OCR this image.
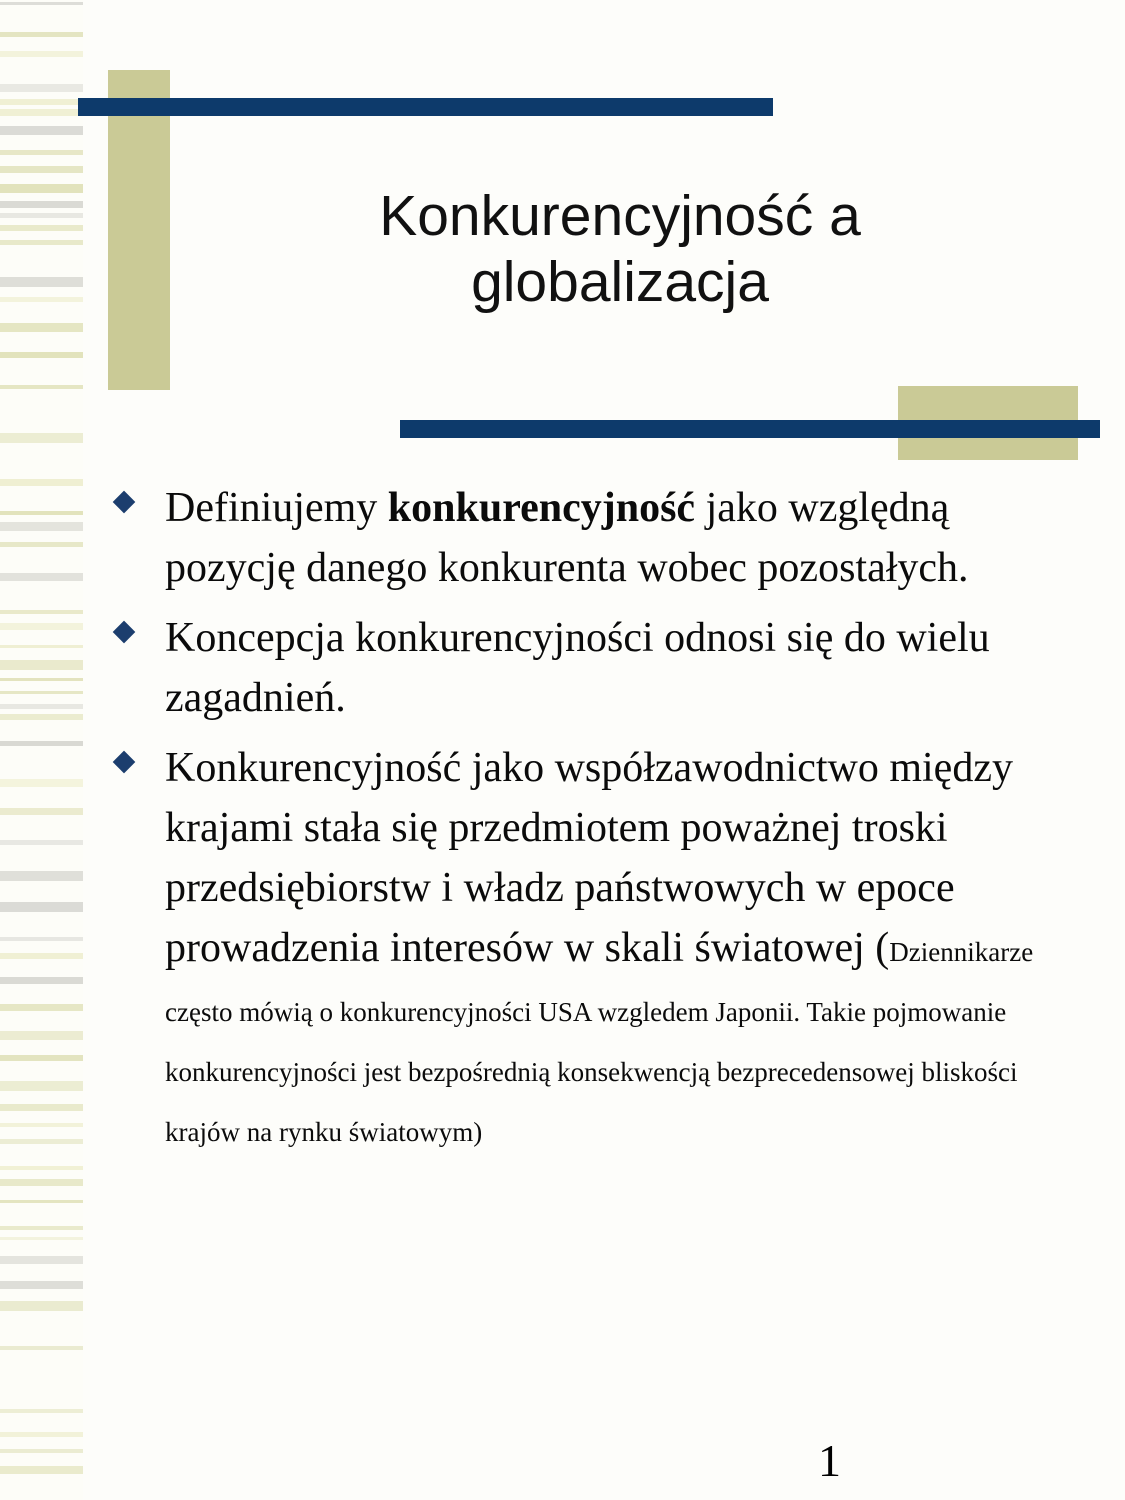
Konkurencyjność a
globalizacja
Definiujemy konkurencyjność jako względną pozycję danego konkurenta wobec pozostałych.
Koncepcja konkurencyjności odnosi się do wielu zagadnień.
Konkurencyjność jako współzawodnictwo między krajami stała się przedmiotem poważnej troski przedsiębiorstw i władz państwowych w epoce prowadzenia interesów w skali światowej (Dziennikarze często mówią o konkurencyjności USA wzgledem Japonii. Takie pojmowanie konkurencyjności jest bezpośrednią konsekwencją bezprecedensowej bliskości krajów na rynku światowym)
1
